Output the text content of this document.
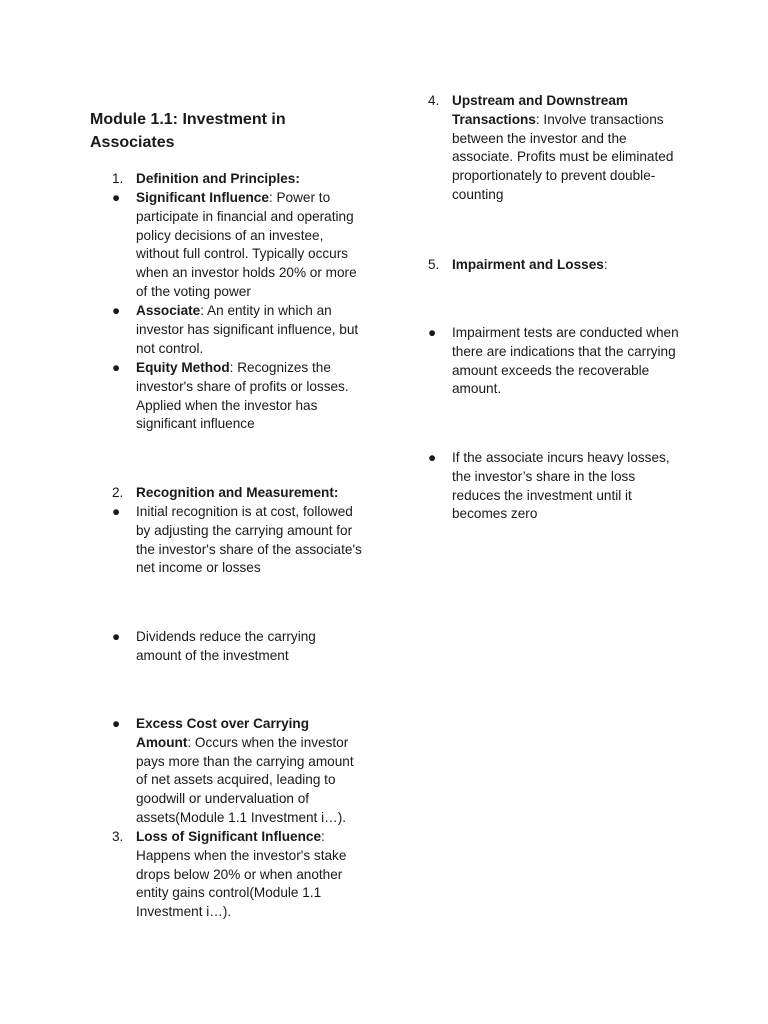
Module 1.1: Investment in Associates
1. Definition and Principles:
●	Significant Influence: Power to participate in financial and operating policy decisions of an investee, without full control. Typically occurs when an investor holds 20% or more of the voting power
●	Associate: An entity in which an investor has significant influence, but not control.
●	Equity Method: Recognizes the investor's share of profits or losses. Applied when the investor has significant influence
2. Recognition and Measurement:
●	Initial recognition is at cost, followed by adjusting the carrying amount for the investor's share of the associate's net income or losses
●	Dividends reduce the carrying amount of the investment
●	Excess Cost over Carrying Amount: Occurs when the investor pays more than the carrying amount of net assets acquired, leading to goodwill or undervaluation of assets(Module 1.1 Investment i…).
3. Loss of Significant Influence: Happens when the investor's stake drops below 20% or when another entity gains control(Module 1.1 Investment i…).
4. Upstream and Downstream Transactions: Involve transactions between the investor and the associate. Profits must be eliminated proportionately to prevent double-counting
5. Impairment and Losses:
●	Impairment tests are conducted when there are indications that the carrying amount exceeds the recoverable amount.
●	If the associate incurs heavy losses, the investor’s share in the loss reduces the investment until it becomes zero
